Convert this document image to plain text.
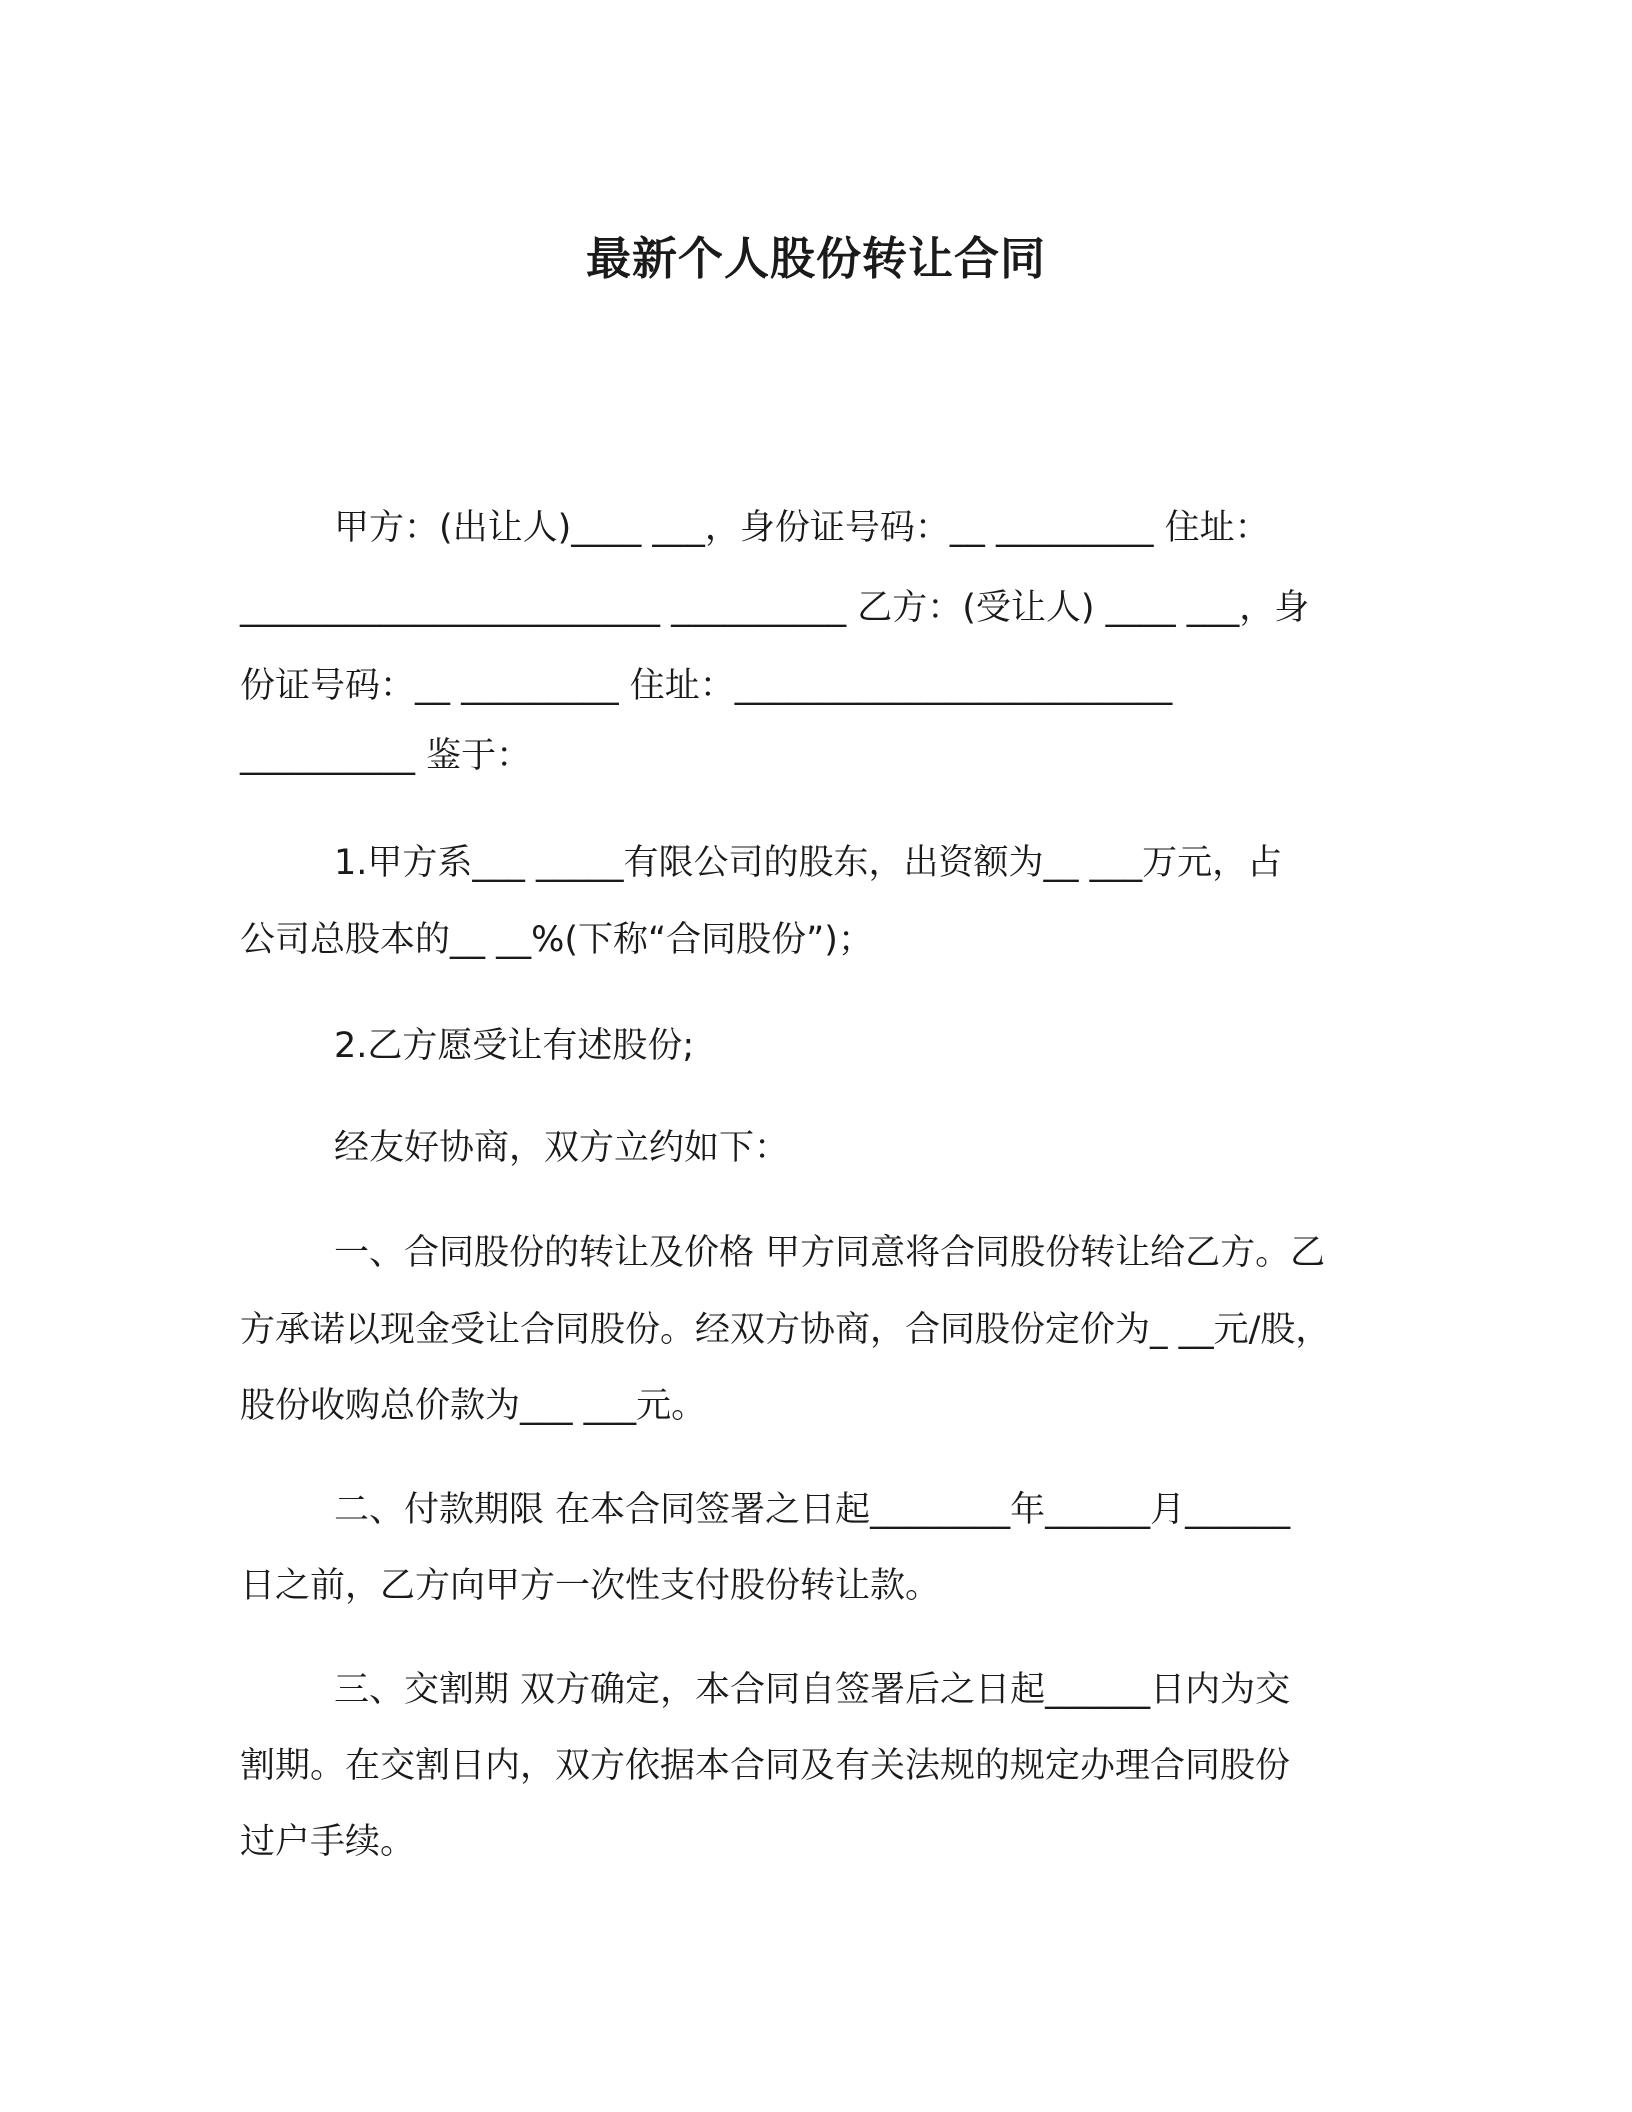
最新个人股份转让合同
甲方：(出让人)____ ___，身份证号码：__ _________ 住址：
________________________ __________ 乙方：(受让人) ____ ___，身
份证号码：__ _________ 住址：_________________________
__________ 鉴于：
1.甲方系___ _____有限公司的股东，出资额为__ ___万元，占
公司总股本的__ __%(下称“合同股份”)；
2.乙方愿受让有述股份;
经友好协商，双方立约如下：
一、合同股份的转让及价格 甲方同意将合同股份转让给乙方。乙
方承诺以现金受让合同股份。经双方协商，合同股份定价为_ __元/股，
股份收购总价款为___ ___元。
二、付款期限 在本合同签署之日起________年______月______
日之前，乙方向甲方一次性支付股份转让款。
三、交割期 双方确定，本合同自签署后之日起______日内为交
割期。在交割日内，双方依据本合同及有关法规的规定办理合同股份
过户手续。
